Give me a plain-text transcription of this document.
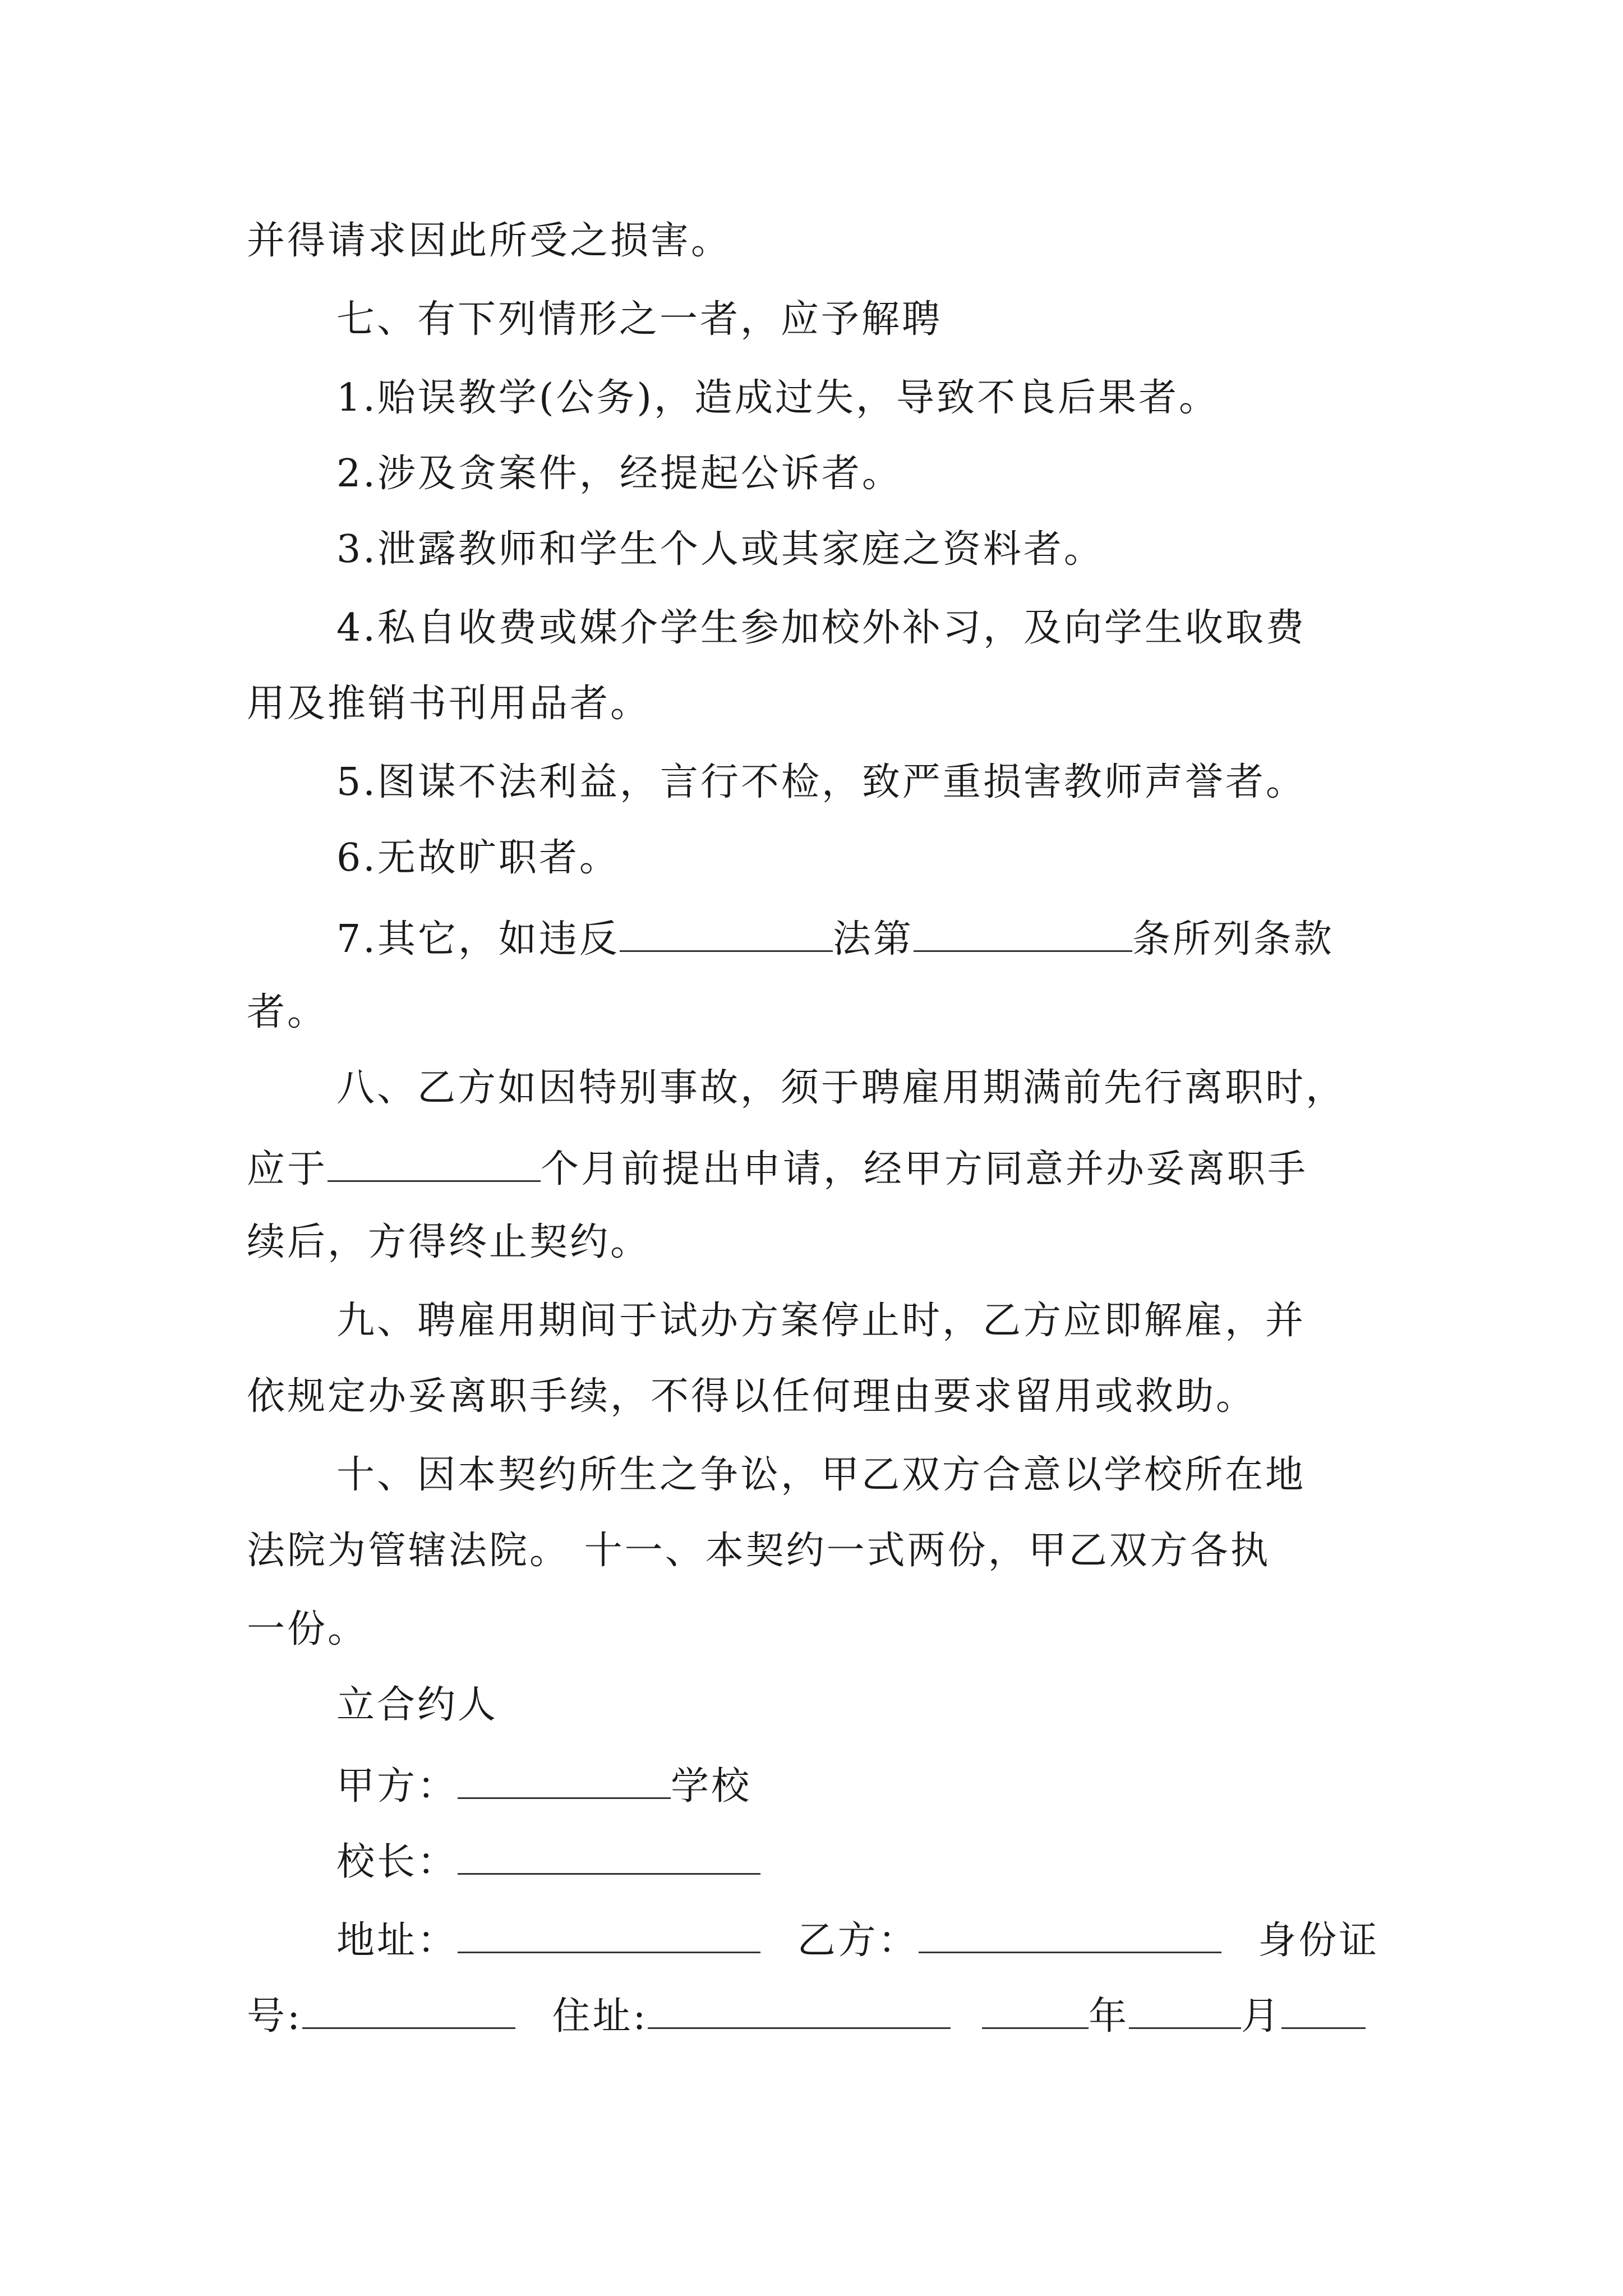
并得请求因此所受之损害。
七、有下列情形之一者，应予解聘
1.贻误教学(公务)，造成过失，导致不良后果者。
2.涉及贪案件，经提起公诉者。
3.泄露教师和学生个人或其家庭之资料者。
4.私自收费或媒介学生参加校外补习，及向学生收取费
用及推销书刊用品者。
5.图谋不法利益，言行不检，致严重损害教师声誉者。
6.无故旷职者。
7.其它，如违反	法第	条所列条款
者。
八、乙方如因特别事故，须于聘雇用期满前先行离职时，
应于	个月前提出申请，经甲方同意并办妥离职手
续后，方得终止契约。
九、聘雇用期间于试办方案停止时，乙方应即解雇，并
依规定办妥离职手续，不得以任何理由要求留用或救助。
十、因本契约所生之争讼，甲乙双方合意以学校所在地
法院为管辖法院。 十一、本契约一式两份，甲乙双方各执
一份。
立合约人
甲方：	学校
校长：
地址：	乙方：	身份证
号:	住址:	年	月
